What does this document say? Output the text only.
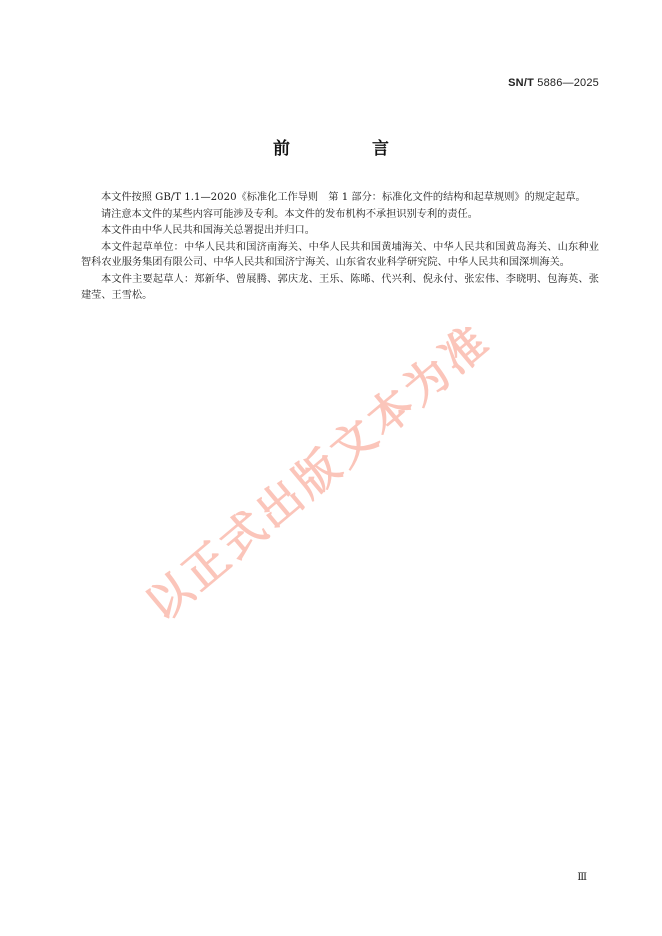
SN/T 5886—2025
前 言

本文件按照 GB/T 1.1—2020《标准化工作导则　第 1 部分：标准化文件的结构和起草规则》的规定起草。

请注意本文件的某些内容可能涉及专利。本文件的发布机构不承担识别专利的责任。

本文件由中华人民共和国海关总署提出并归口。

本文件起草单位：中华人民共和国济南海关、中华人民共和国黄埔海关、中华人民共和国黄岛海关、山东种业智科农业服务集团有限公司、中华人民共和国济宁海关、山东省农业科学研究院、中华人民共和国深圳海关。

本文件主要起草人：郑新华、曾展腾、郭庆龙、王乐、陈晞、代兴利、倪永付、张宏伟、李晓明、包海英、张建莹、王雪松。

以正式出版文本为准
Ⅲ
